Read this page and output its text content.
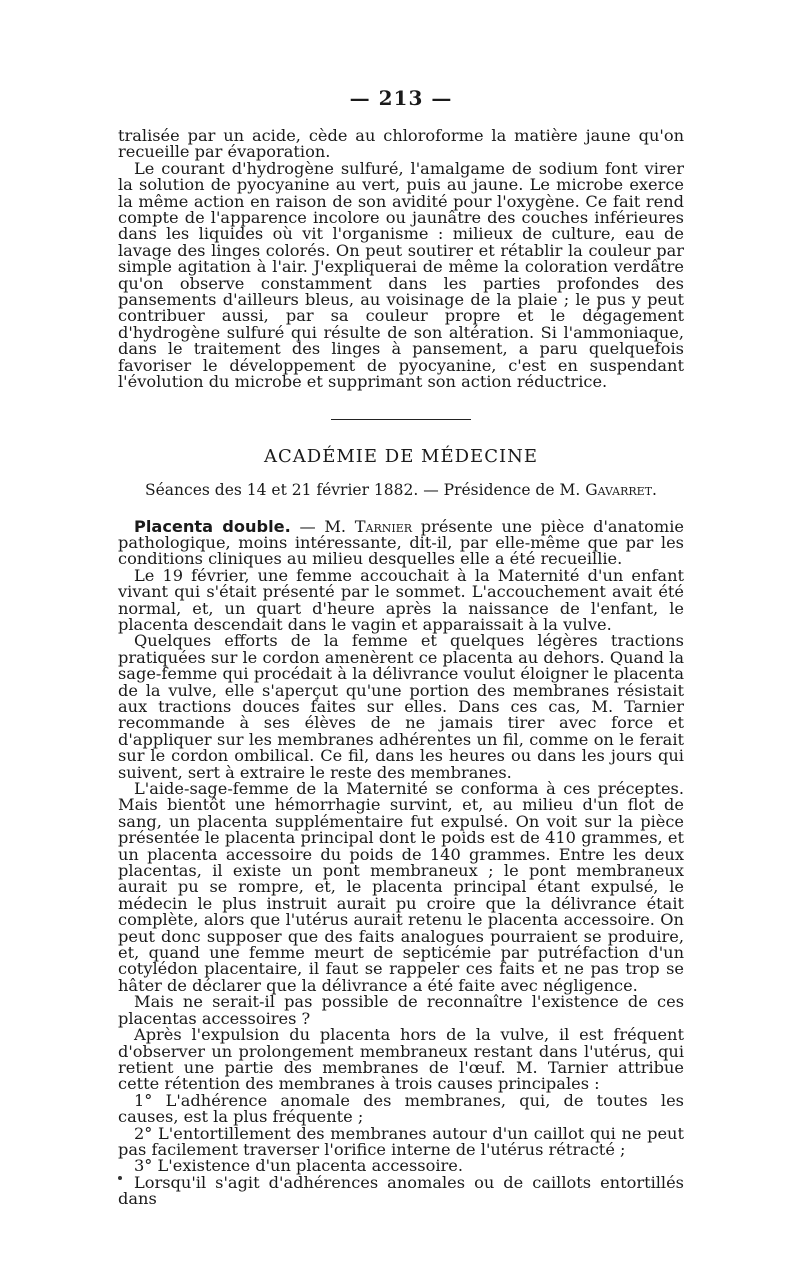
— 213 —

tralisée par un acide, cède au chloroforme la matière jaune qu'on recueille par évaporation.

Le courant d'hydrogène sulfuré, l'amalgame de sodium font virer la solution de pyocyanine au vert, puis au jaune. Le microbe exerce la même action en raison de son avidité pour l'oxygène. Ce fait rend compte de l'apparence incolore ou jaunâtre des couches inférieures dans les liquides où vit l'organisme : milieux de culture, eau de lavage des linges colorés. On peut soutirer et rétablir la couleur par simple agitation à l'air. J'expliquerai de même la coloration verdâtre qu'on observe constamment dans les parties profondes des pansements d'ailleurs bleus, au voisinage de la plaie ; le pus y peut contribuer aussi, par sa couleur propre et le dégagement d'hydrogène sulfuré qui résulte de son altération. Si l'ammoniaque, dans le traitement des linges à pansement, a paru quelquefois favoriser le développement de pyocyanine, c'est en suspendant l'évolution du microbe et supprimant son action réductrice.

ACADÉMIE DE MÉDECINE
Séances des 14 et 21 février 1882. — Présidence de M. Gavarret.

Placenta double. — M. Tarnier présente une pièce d'anatomie pathologique, moins intéressante, dit-il, par elle-même que par les conditions cliniques au milieu desquelles elle a été recueillie.

Le 19 février, une femme accouchait à la Maternité d'un enfant vivant qui s'était présenté par le sommet. L'accouchement avait été normal, et, un quart d'heure après la naissance de l'enfant, le placenta descendait dans le vagin et apparaissait à la vulve.

Quelques efforts de la femme et quelques légères tractions pratiquées sur le cordon amenèrent ce placenta au dehors. Quand la sage-femme qui procédait à la délivrance voulut éloigner le placenta de la vulve, elle s'aperçut qu'une portion des membranes résistait aux tractions douces faites sur elles. Dans ces cas, M. Tarnier recommande à ses élèves de ne jamais tirer avec force et d'appliquer sur les membranes adhérentes un fil, comme on le ferait sur le cordon ombilical. Ce fil, dans les heures ou dans les jours qui suivent, sert à extraire le reste des membranes.

L'aide-sage-femme de la Maternité se conforma à ces préceptes. Mais bientôt une hémorrhagie survint, et, au milieu d'un flot de sang, un placenta supplémentaire fut expulsé. On voit sur la pièce présentée le placenta principal dont le poids est de 410 grammes, et un placenta accessoire du poids de 140 grammes. Entre les deux placentas, il existe un pont membraneux ; le pont membraneux aurait pu se rompre, et, le placenta principal étant expulsé, le médecin le plus instruit aurait pu croire que la délivrance était complète, alors que l'utérus aurait retenu le placenta accessoire. On peut donc supposer que des faits analogues pourraient se produire, et, quand une femme meurt de septicémie par putréfaction d'un cotylédon placentaire, il faut se rappeler ces faits et ne pas trop se hâter de déclarer que la délivrance a été faite avec négligence.

Mais ne serait-il pas possible de reconnaître l'existence de ces placentas accessoires ?

Après l'expulsion du placenta hors de la vulve, il est fréquent d'observer un prolongement membraneux restant dans l'utérus, qui retient une partie des membranes de l'œuf. M. Tarnier attribue cette rétention des membranes à trois causes principales :

1° L'adhérence anomale des membranes, qui, de toutes les causes, est la plus fréquente ;

2° L'entortillement des membranes autour d'un caillot qui ne peut pas facilement traverser l'orifice interne de l'utérus rétracté ;

3° L'existence d'un placenta accessoire.

Lorsqu'il s'agit d'adhérences anomales ou de caillots entortillés dans
